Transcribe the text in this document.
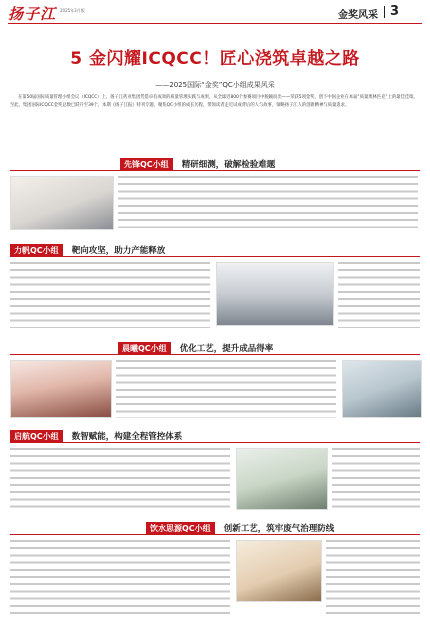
扬子江 2025年3月版	金奖风采 3
5 金闪耀ICQCC！匠心浇筑卓越之路
——2025国际“金奖”QC小组成果风采
在第50届国际质量管理小组会议（ICQCC）上，扬子江药业集团凭借卓有成效的质量管理实践与成果，从全球近800个参赛项目中脱颖而出——荣获5项金奖，创下中国企业在本届“质量奥林匹克”上的最佳佳绩。至此，集团国际ICQCC金奖总数已跃升至39个，本期《扬子江报》特刊专题，聚焦QC小组的成长历程，带领读者走近试成背后的人与故事，领略扬子江人的创新精神与质量追求。
先锋QC小组 精研细测，破解检验难题
力帆QC小组 靶向攻坚，助力产能释放
晨曦QC小组 优化工艺，提升成品得率
启航QC小组 数智赋能，构建全程管控体系
饮水思源QC小组 创新工艺，筑牢废气治理防线
